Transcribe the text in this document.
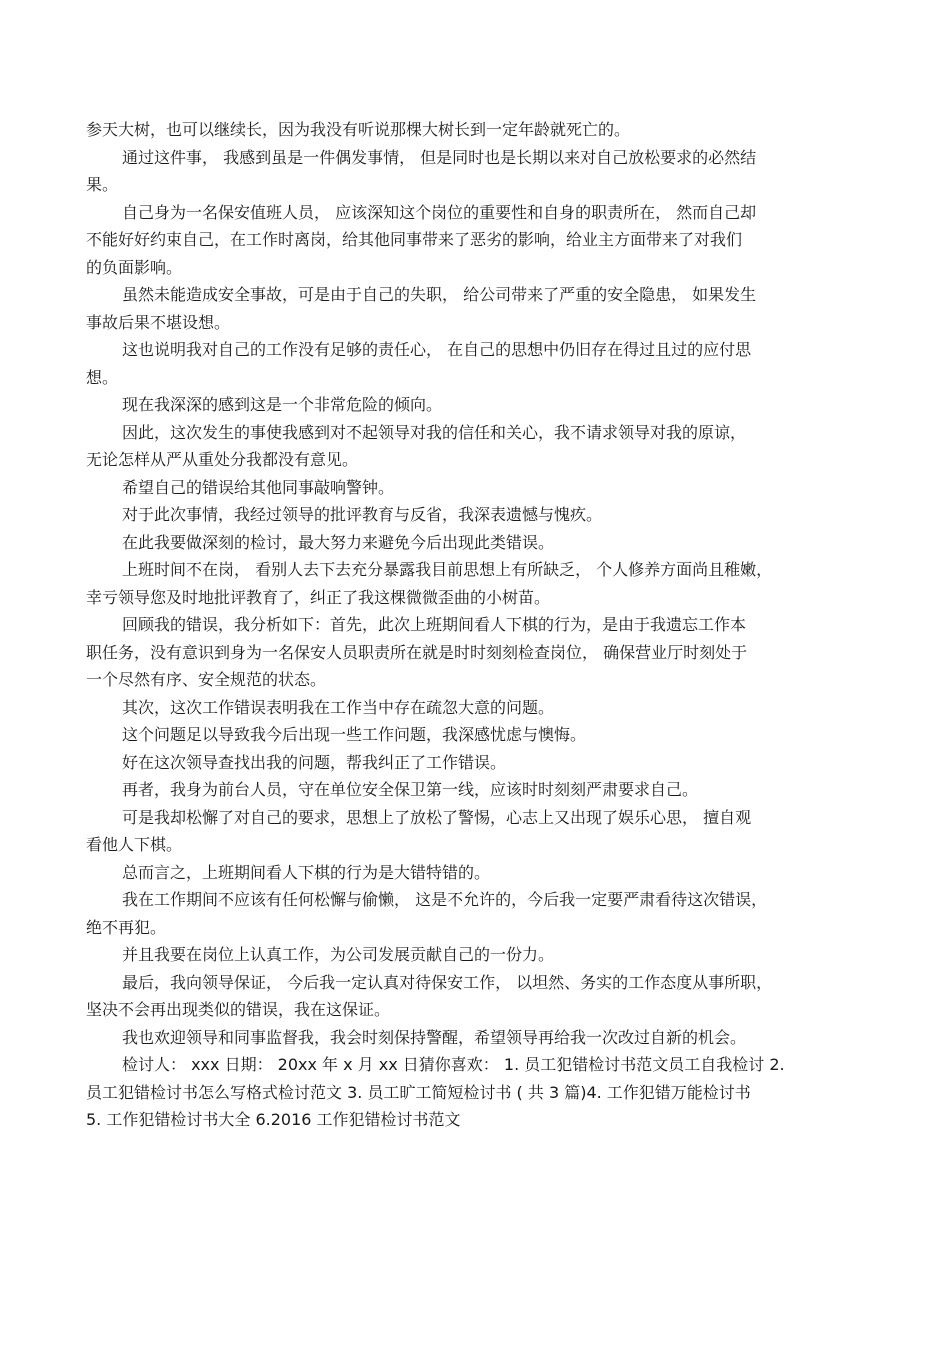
参天大树，也可以继续长，因为我没有听说那棵大树长到一定年龄就死亡的。
通过这件事， 我感到虽是一件偶发事情， 但是同时也是长期以来对自己放松要求的必然结
果。
自己身为一名保安值班人员， 应该深知这个岗位的重要性和自身的职责所在， 然而自己却
不能好好约束自己，在工作时离岗，给其他同事带来了恶劣的影响，给业主方面带来了对我们
的负面影响。
虽然未能造成安全事故，可是由于自己的失职， 给公司带来了严重的安全隐患， 如果发生
事故后果不堪设想。
这也说明我对自己的工作没有足够的责任心， 在自己的思想中仍旧存在得过且过的应付思
想。
现在我深深的感到这是一个非常危险的倾向。
因此，这次发生的事使我感到对不起领导对我的信任和关心，我不请求领导对我的原谅，
无论怎样从严从重处分我都没有意见。
希望自己的错误给其他同事敲响警钟。
对于此次事情，我经过领导的批评教育与反省，我深表遗憾与愧疚。
在此我要做深刻的检讨，最大努力来避免今后出现此类错误。
上班时间不在岗， 看别人去下去充分暴露我目前思想上有所缺乏， 个人修养方面尚且稚嫩，
幸亏领导您及时地批评教育了，纠正了我这棵微微歪曲的小树苗。
回顾我的错误，我分析如下：首先，此次上班期间看人下棋的行为，是由于我遗忘工作本
职任务，没有意识到身为一名保安人员职责所在就是时时刻刻检查岗位， 确保营业厅时刻处于
一个尽然有序、安全规范的状态。
其次，这次工作错误表明我在工作当中存在疏忽大意的问题。
这个问题足以导致我今后出现一些工作问题，我深感忧虑与懊悔。
好在这次领导查找出我的问题，帮我纠正了工作错误。
再者，我身为前台人员，守在单位安全保卫第一线，应该时时刻刻严肃要求自己。
可是我却松懈了对自己的要求，思想上了放松了警惕，心志上又出现了娱乐心思， 擅自观
看他人下棋。
总而言之，上班期间看人下棋的行为是大错特错的。
我在工作期间不应该有任何松懈与偷懒， 这是不允许的，今后我一定要严肃看待这次错误，
绝不再犯。
并且我要在岗位上认真工作，为公司发展贡献自己的一份力。
最后，我向领导保证， 今后我一定认真对待保安工作， 以坦然、务实的工作态度从事所职，
坚决不会再出现类似的错误，我在这保证。
我也欢迎领导和同事监督我，我会时刻保持警醒，希望领导再给我一次改过自新的机会。
检讨人： xxx 日期： 20xx 年 x 月 xx 日猜你喜欢： 1. 员工犯错检讨书范文员工自我检讨 2.
员工犯错检讨书怎么写格式检讨范文 3. 员工旷工简短检讨书 ( 共 3 篇)4. 工作犯错万能检讨书
5. 工作犯错检讨书大全 6.2016 工作犯错检讨书范文
